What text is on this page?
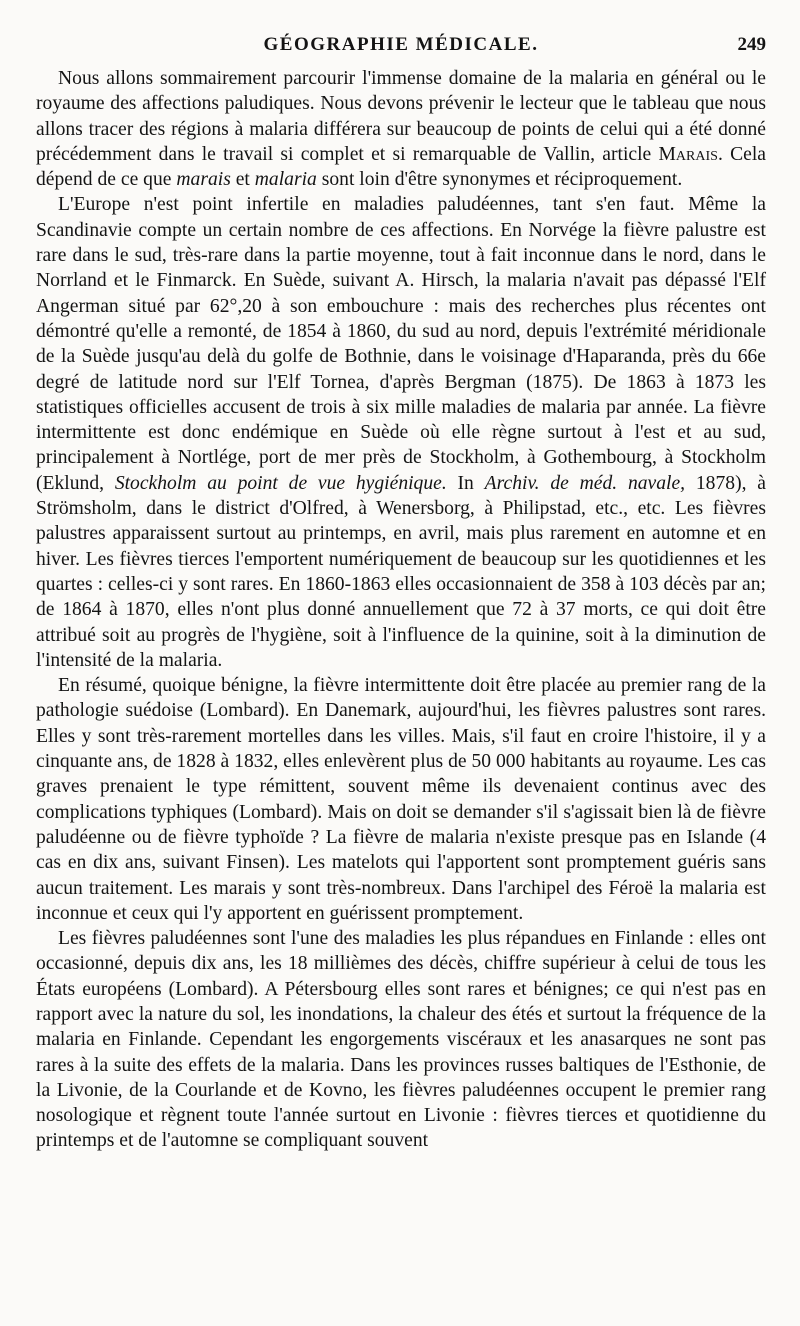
GÉOGRAPHIE MÉDICALE.	249

Nous allons sommairement parcourir l'immense domaine de la malaria en général ou le royaume des affections paludiques. Nous devons prévenir le lecteur que le tableau que nous allons tracer des régions à malaria différera sur beaucoup de points de celui qui a été donné précédemment dans le travail si complet et si remarquable de Vallin, article Marais. Cela dépend de ce que marais et malaria sont loin d'être synonymes et réciproquement.

L'Europe n'est point infertile en maladies paludéennes, tant s'en faut. Même la Scandinavie compte un certain nombre de ces affections. En Norvége la fièvre palustre est rare dans le sud, très-rare dans la partie moyenne, tout à fait inconnue dans le nord, dans le Norrland et le Finmarck. En Suède, suivant A. Hirsch, la malaria n'avait pas dépassé l'Elf Angerman situé par 62°,20 à son embouchure : mais des recherches plus récentes ont démontré qu'elle a remonté, de 1854 à 1860, du sud au nord, depuis l'extrémité méridionale de la Suède jusqu'au delà du golfe de Bothnie, dans le voisinage d'Haparanda, près du 66e degré de latitude nord sur l'Elf Tornea, d'après Bergman (1875). De 1863 à 1873 les statistiques officielles accusent de trois à six mille maladies de malaria par année. La fièvre intermittente est donc endémique en Suède où elle règne surtout à l'est et au sud, principalement à Nortlége, port de mer près de Stockholm, à Gothembourg, à Stockholm (Eklund, Stockholm au point de vue hygiénique. In Archiv. de méd. navale, 1878), à Strömsholm, dans le district d'Olfred, à Wenersborg, à Philipstad, etc., etc. Les fièvres palustres apparaissent surtout au printemps, en avril, mais plus rarement en automne et en hiver. Les fièvres tierces l'emportent numériquement de beaucoup sur les quotidiennes et les quartes : celles-ci y sont rares. En 1860-1863 elles occasionnaient de 358 à 103 décès par an; de 1864 à 1870, elles n'ont plus donné annuellement que 72 à 37 morts, ce qui doit être attribué soit au progrès de l'hygiène, soit à l'influence de la quinine, soit à la diminution de l'intensité de la malaria.

En résumé, quoique bénigne, la fièvre intermittente doit être placée au premier rang de la pathologie suédoise (Lombard). En Danemark, aujourd'hui, les fièvres palustres sont rares. Elles y sont très-rarement mortelles dans les villes. Mais, s'il faut en croire l'histoire, il y a cinquante ans, de 1828 à 1832, elles enlevèrent plus de 50 000 habitants au royaume. Les cas graves prenaient le type rémittent, souvent même ils devenaient continus avec des complications typhiques (Lombard). Mais on doit se demander s'il s'agissait bien là de fièvre paludéenne ou de fièvre typhoïde ? La fièvre de malaria n'existe presque pas en Islande (4 cas en dix ans, suivant Finsen). Les matelots qui l'apportent sont promptement guéris sans aucun traitement. Les marais y sont très-nombreux. Dans l'archipel des Féroë la malaria est inconnue et ceux qui l'y apportent en guérissent promptement.

Les fièvres paludéennes sont l'une des maladies les plus répandues en Finlande : elles ont occasionné, depuis dix ans, les 18 millièmes des décès, chiffre supérieur à celui de tous les États européens (Lombard). A Pétersbourg elles sont rares et bénignes; ce qui n'est pas en rapport avec la nature du sol, les inondations, la chaleur des étés et surtout la fréquence de la malaria en Finlande. Cependant les engorgements viscéraux et les anasarques ne sont pas rares à la suite des effets de la malaria. Dans les provinces russes baltiques de l'Esthonie, de la Livonie, de la Courlande et de Kovno, les fièvres paludéennes occupent le premier rang nosologique et règnent toute l'année surtout en Livonie : fièvres tierces et quotidienne du printemps et de l'automne se compliquant souvent
